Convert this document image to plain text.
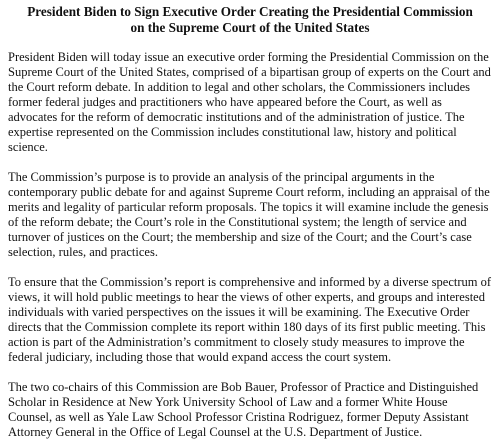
President Biden to Sign Executive Order Creating the Presidential Commission on the Supreme Court of the United States

President Biden will today issue an executive order forming the Presidential Commission on the Supreme Court of the United States, comprised of a bipartisan group of experts on the Court and the Court reform debate. In addition to legal and other scholars, the Commissioners includes former federal judges and practitioners who have appeared before the Court, as well as advocates for the reform of democratic institutions and of the administration of justice. The expertise represented on the Commission includes constitutional law, history and political science.

The Commission’s purpose is to provide an analysis of the principal arguments in the contemporary public debate for and against Supreme Court reform, including an appraisal of the merits and legality of particular reform proposals. The topics it will examine include the genesis of the reform debate; the Court’s role in the Constitutional system; the length of service and turnover of justices on the Court; the membership and size of the Court; and the Court’s case selection, rules, and practices.

To ensure that the Commission’s report is comprehensive and informed by a diverse spectrum of views, it will hold public meetings to hear the views of other experts, and groups and interested individuals with varied perspectives on the issues it will be examining. The Executive Order directs that the Commission complete its report within 180 days of its first public meeting. This action is part of the Administration’s commitment to closely study measures to improve the federal judiciary, including those that would expand access the court system.

The two co-chairs of this Commission are Bob Bauer, Professor of Practice and Distinguished Scholar in Residence at New York University School of Law and a former White House Counsel, as well as Yale Law School Professor Cristina Rodriguez, former Deputy Assistant Attorney General in the Office of Legal Counsel at the U.S. Department of Justice.
